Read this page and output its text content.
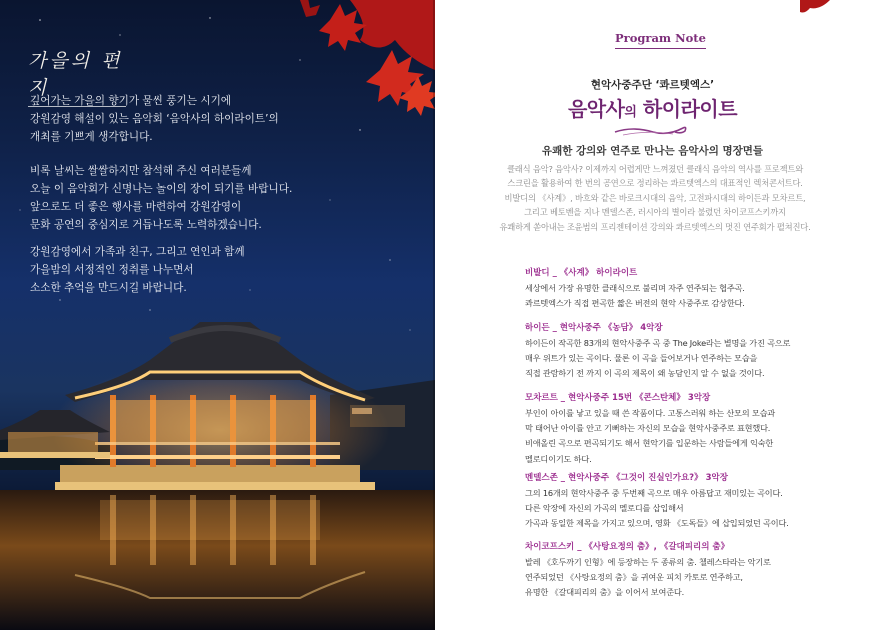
가을의 편지

깊어가는 가을의 향기가 물씬 풍기는 시기에
강원감영 해설이 있는 음악회 ‘음악사의 하이라이트’의
개최를 기쁘게 생각합니다.

비록 날씨는 쌀쌀하지만 참석해 주신 여러분들께
오늘 이 음악회가 신명나는 놀이의 장이 되기를 바랍니다.
앞으로도 더 좋은 행사를 마련하여 강원감영이
문화 공연의 중심지로 거듭나도록 노력하겠습니다.

강원감영에서 가족과 친구, 그리고 연인과 함께
가을밤의 서정적인 정취를 나누면서
소소한 추억을 만드시길 바랍니다.

Program Note
현악사중주단 ‘콰르텟엑스’
음악사의 하이라이트
유쾌한 강의와 연주로 만나는 음악사의 명장면들

클래식 음악? 음악사? 이제까지 어렵게만 느껴졌던 클래식 음악의 역사를 프로젝트와
스크린을 활용하여 한 번의 공연으로 정리하는 콰르텟엑스의 대표적인 렉처콘서트다.
비발디의 《사계》, 바흐와 같은 바로크시대의 음악, 고전파시대의 하이든과 모차르트,
그리고 베토벤을 지나 멘델스존, 러시아의 별이라 불렸던 차이코프스키까지
유쾌하게 쏟아내는 조윤범의 프리젠테이션 강의와 콰르텟엑스의 멋진 연주회가 펼쳐진다.

비발디 _ 《사계》 하이라이트
세상에서 가장 유명한 클래식으로 불리며 자주 연주되는 협주곡.
콰르텟엑스가 직접 편곡한 짧은 버전의 현악 사중주로 감상한다.
하이든 _ 현악사중주 《농담》 4악장
하이든이 작곡한 83개의 현악사중주 곡 중 The Joke라는 별명을 가진 곡으로
매우 위트가 있는 곡이다. 물론 이 곡을 들어보거나 연주하는 모습을
직접 관람하기 전 까지 이 곡의 제목이 왜 농담인지 알 수 없을 것이다.
모차르트 _ 현악사중주 15번 《콘스탄체》 3악장
부인이 아이를 낳고 있을 때 쓴 작품이다. 고통스러워 하는 산모의 모습과
막 태어난 아이를 안고 기뻐하는 자신의 모습을 현악사중주로 표현했다.
비애올린 곡으로 편곡되기도 해서 현악기를 입문하는 사람들에게 익숙한
멜로디이기도 하다.
멘델스존 _ 현악사중주 《그것이 진실인가요?》 3악장
그의 16개의 현악사중주 중 두번째 곡으로 매우 아름답고 재미있는 곡이다.
다른 악장에 자신의 가곡의 멜로디를 삽입해서
가곡과 동일한 제목을 가지고 있으며, 영화 《도독들》에 삽입되었던 곡이다.
차이코프스키 _ 《사탕요정의 춤》, 《갈대피리의 춤》
발레 《호두까기 인형》에 등장하는 두 종류의 춤. 첼레스타라는 악기로
연주되었던 《사탕요정의 춤》을 귀여운 피치 카토로 연주하고,
유명한 《갈대피리의 춤》을 이어서 보여준다.
